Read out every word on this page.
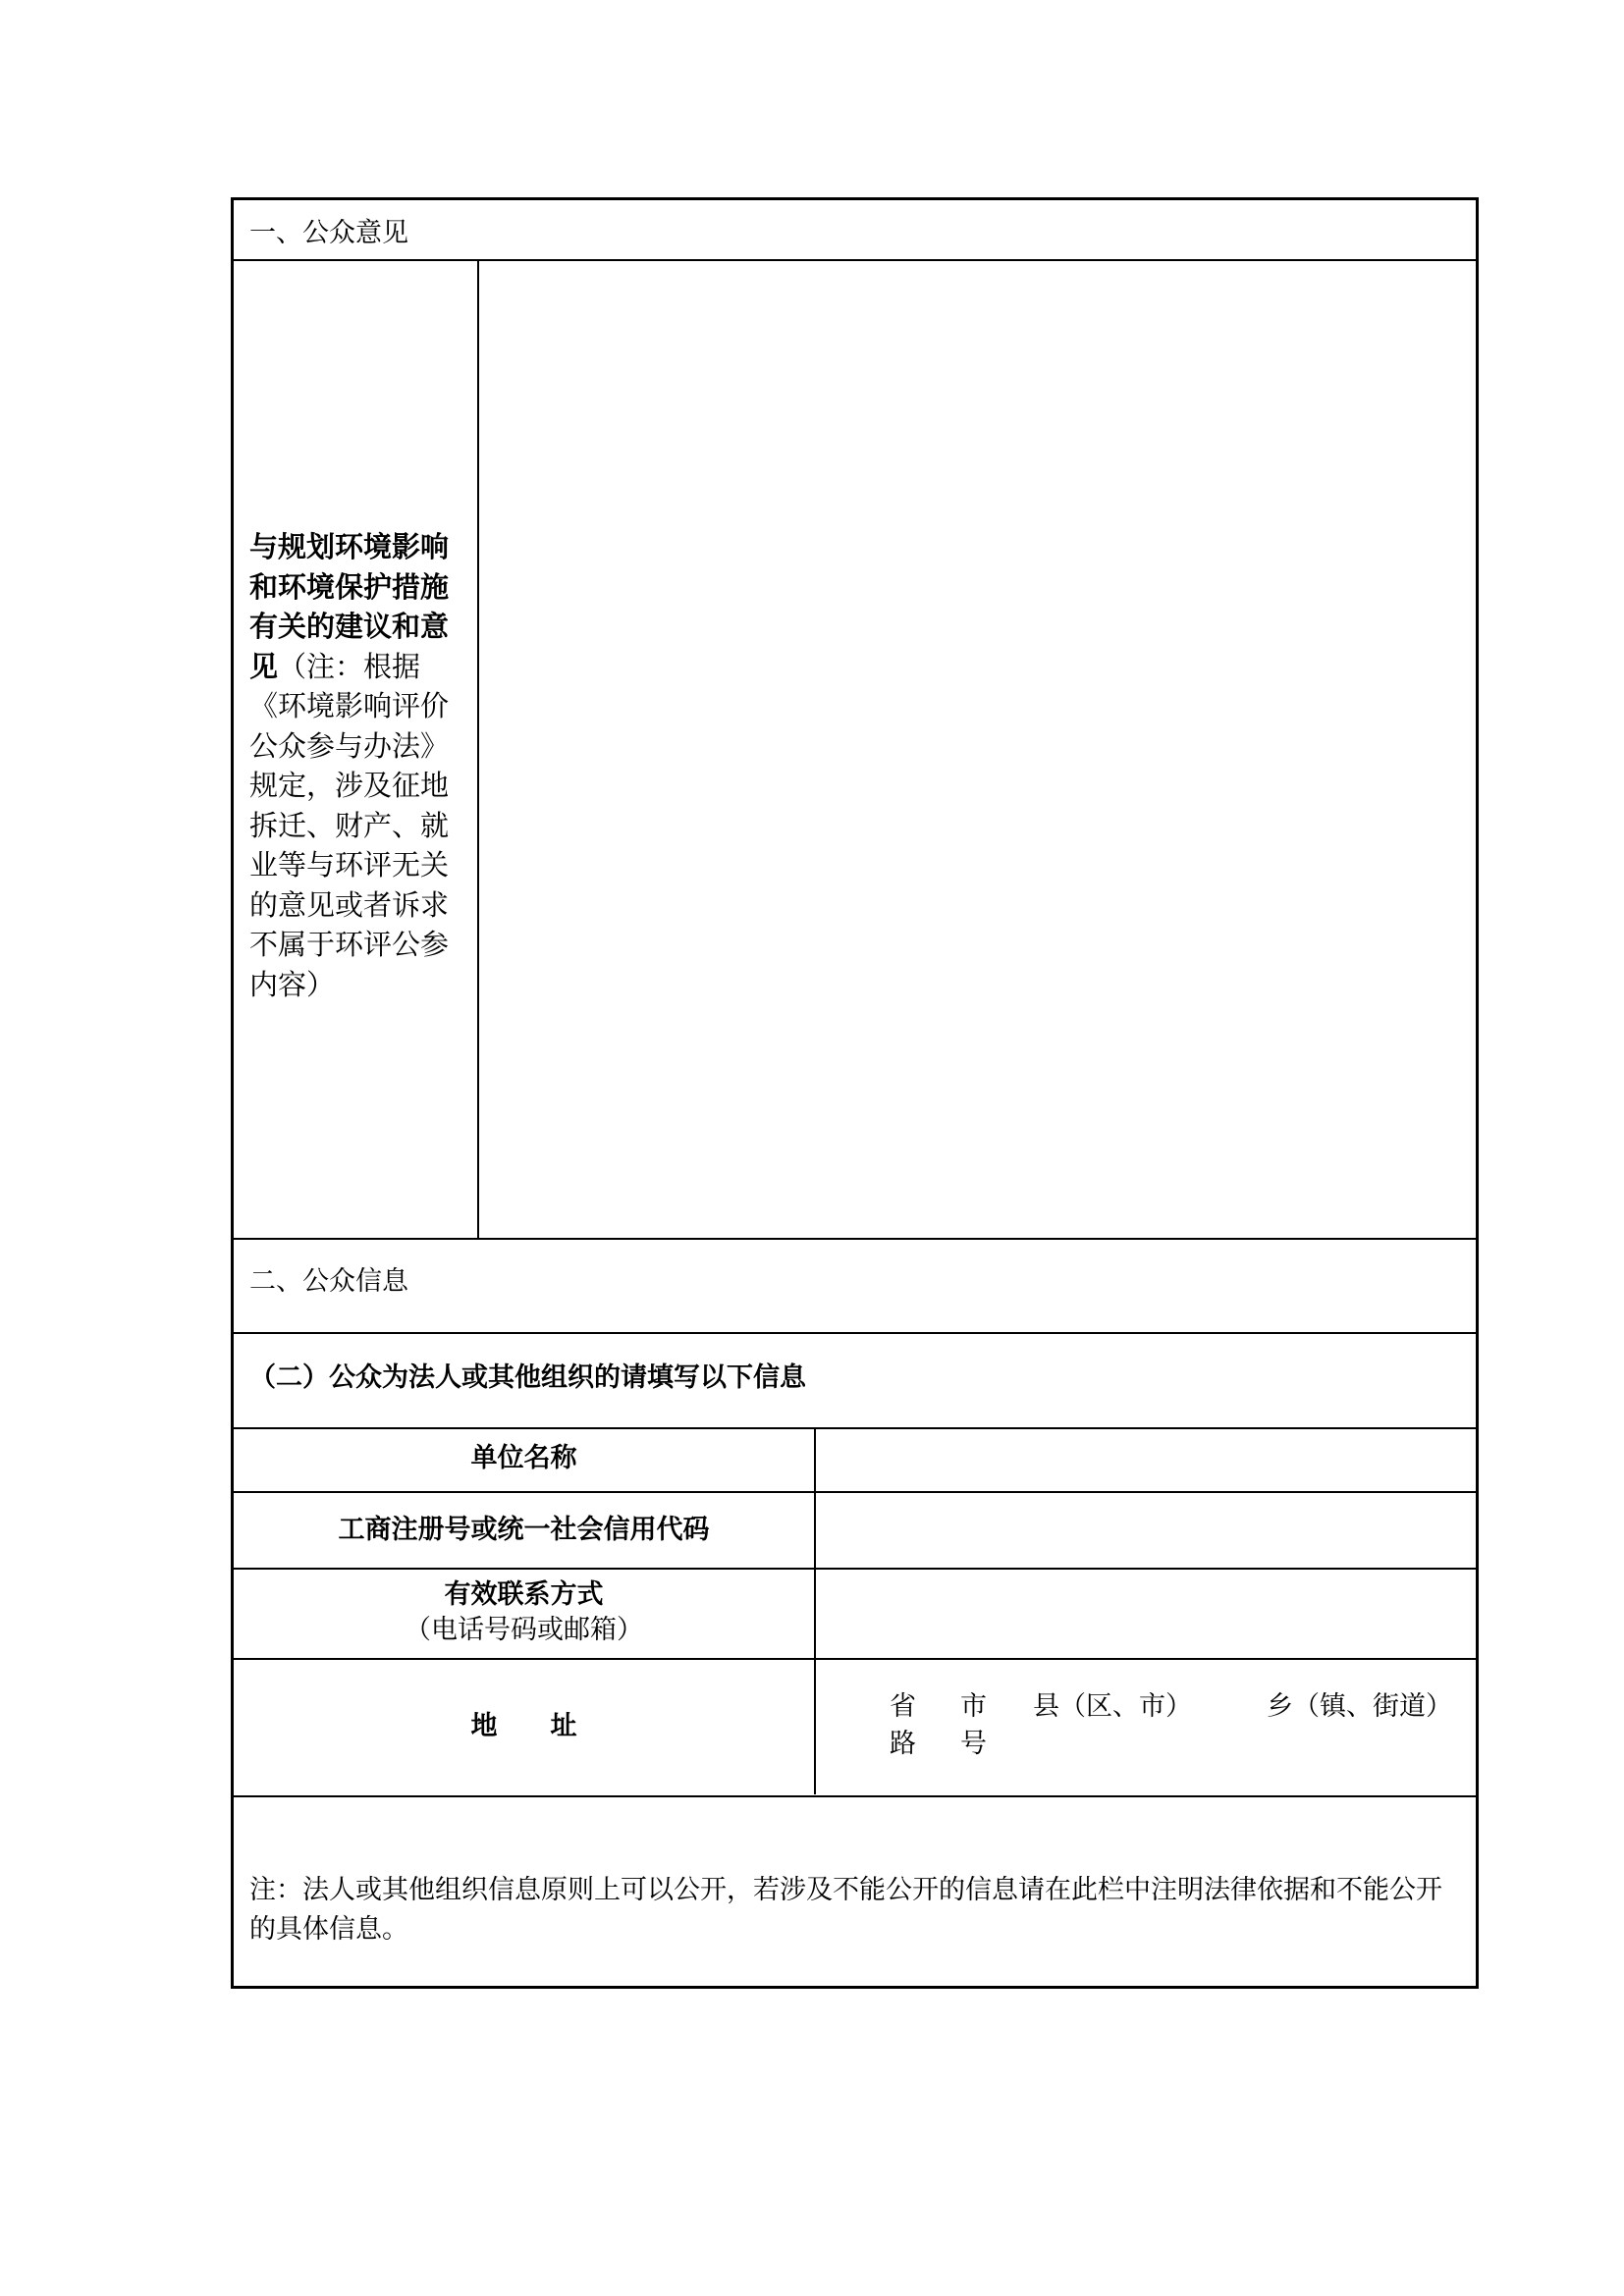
一、公众意见
与规划环境影响和环境保护措施有关的建议和意见（注：根据《环境影响评价公众参与办法》规定，涉及征地拆迁、财产、就业等与环评无关的意见或者诉求不属于环评公参内容）
二、公众信息
（二）公众为法人或其他组织的请填写以下信息
单位名称
工商注册号或统一社会信用代码
有效联系方式
（电话号码或邮箱）
地　　址
省 市 县（区、市）	乡（镇、街道）
路 号
注：法人或其他组织信息原则上可以公开，若涉及不能公开的信息请在此栏中注明法律依据和不能公开的具体信息。
